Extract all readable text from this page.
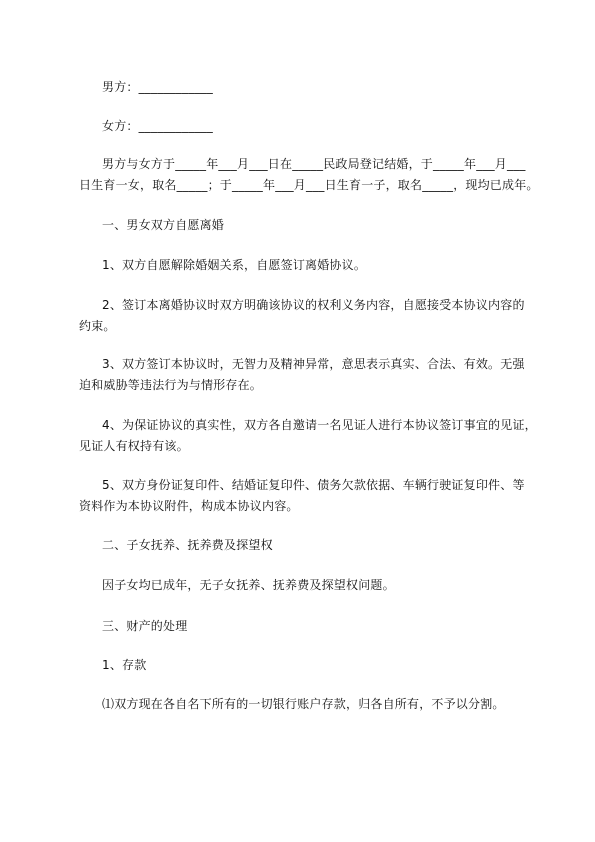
男方：____________
女方：____________
男方与女方于_____年___月___日在_____民政局登记结婚，于_____年___月___
日生育一女，取名_____；于_____年___月___日生育一子，取名_____，现均已成年。
一、男女双方自愿离婚
1、双方自愿解除婚姻关系，自愿签订离婚协议。
2、签订本离婚协议时双方明确该协议的权利义务内容，自愿接受本协议内容的
约束。
3、双方签订本协议时，无智力及精神异常，意思表示真实、合法、有效。无强
迫和威胁等违法行为与情形存在。
4、为保证协议的真实性，双方各自邀请一名见证人进行本协议签订事宜的见证，
见证人有权持有该。
5、双方身份证复印件、结婚证复印件、债务欠款依据、车辆行驶证复印件、等
资料作为本协议附件，构成本协议内容。
二、子女抚养、抚养费及探望权
因子女均已成年，无子女抚养、抚养费及探望权问题。
三、财产的处理
1、存款
⑴双方现在各自名下所有的一切银行账户存款，归各自所有，不予以分割。
